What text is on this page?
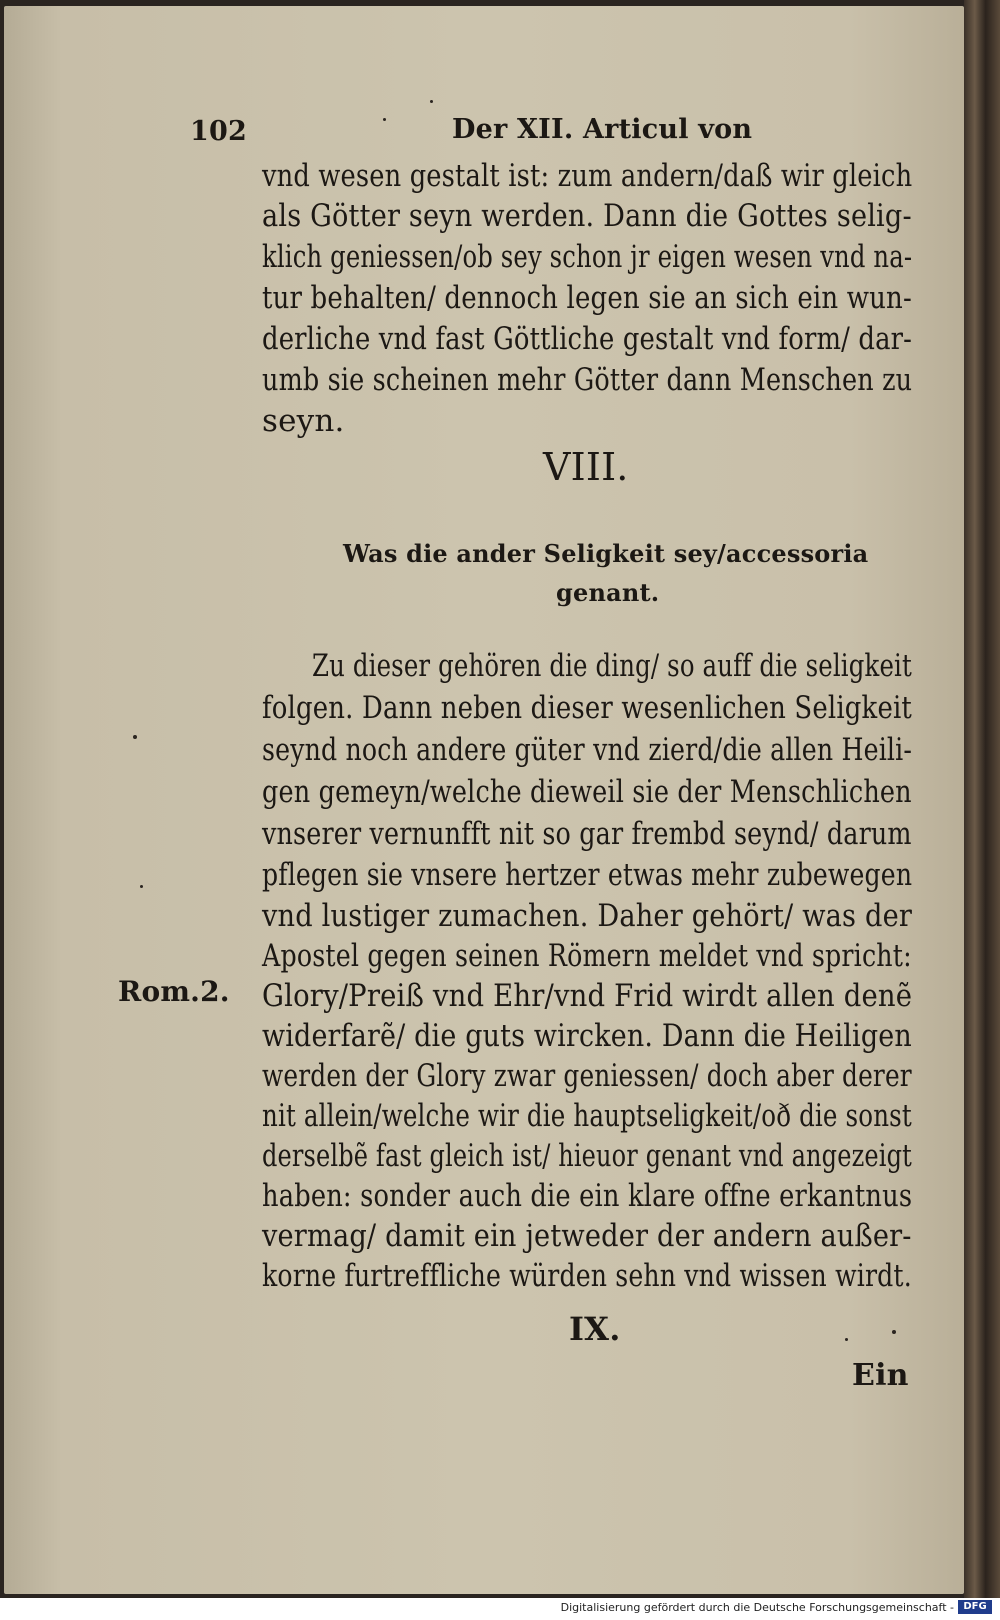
102	Der XII. Articul von
vnd wesen gestalt ist: zum andern/daß wir gleich
als Götter seyn werden. Dann die Gottes selig-
klich geniessen/ob sey schon jr eigen wesen vnd na-
tur behalten/ dennoch legen sie an sich ein wun-
derliche vnd fast Göttliche gestalt vnd form/ dar-
umb sie scheinen mehr Götter dann Menschen zu
seyn.
VIII.
Was die ander Seligkeit sey/accessoria
genant.
Zu dieser gehören die ding/ so auff die seligkeit
folgen. Dann neben dieser wesenlichen Seligkeit
seynd noch andere güter vnd zierd/die allen Heili-
gen gemeyn/welche dieweil sie der Menschlichen
vnserer vernunfft nit so gar frembd seynd/ darum
pflegen sie vnsere hertzer etwas mehr zubewegen
vnd lustiger zumachen. Daher gehört/ was der
Apostel gegen seinen Römern meldet vnd spricht:
Glory/Preiß vnd Ehr/vnd Frid wirdt allen denẽ
widerfarẽ/ die guts wircken. Dann die Heiligen
werden der Glory zwar geniessen/ doch aber derer
nit allein/welche wir die hauptseligkeit/oð die sonst
derselbẽ fast gleich ist/ hieuor genant vnd angezeigt
haben: sonder auch die ein klare offne erkantnus
vermag/ damit ein jetweder der andern außer-
korne furtreffliche würden sehn vnd wissen wirdt.
Rom.2.
IX.
Ein
Digitalisierung gefördert durch die Deutsche Forschungsgemeinschaft - DFG
